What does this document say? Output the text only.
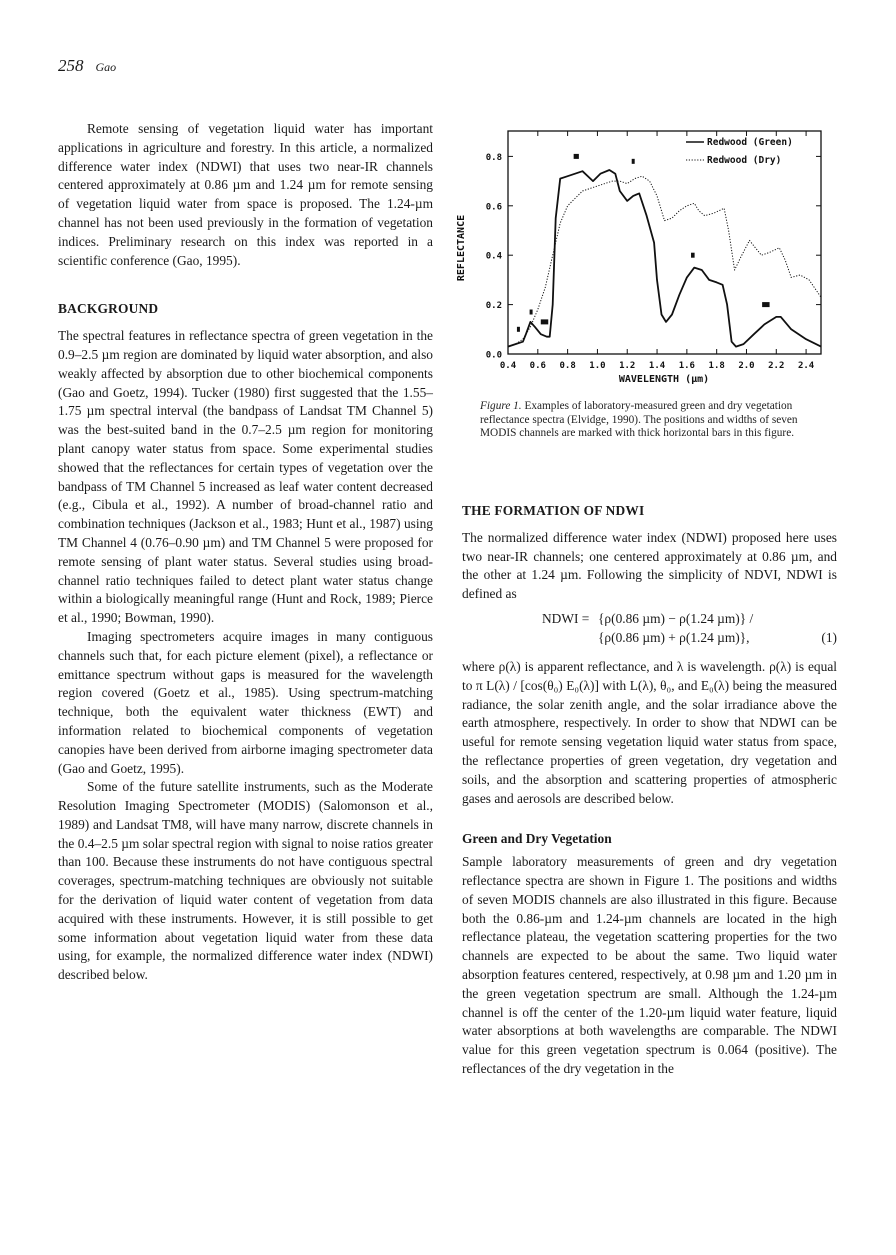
258 Gao

Remote sensing of vegetation liquid water has important applications in agriculture and forestry. In this article, a normalized difference water index (NDWI) that uses two near-IR channels centered approximately at 0.86 µm and 1.24 µm for remote sensing of vegetation liquid water from space is proposed. The 1.24-µm channel has not been used previously in the formation of vegetation indices. Preliminary research on this index was reported in a scientific conference (Gao, 1995).

BACKGROUND

The spectral features in reflectance spectra of green vegetation in the 0.9–2.5 µm region are dominated by liquid water absorption, and also weakly affected by absorption due to other biochemical components (Gao and Goetz, 1994). Tucker (1980) first suggested that the 1.55–1.75 µm spectral interval (the bandpass of Landsat TM Channel 5) was the best-suited band in the 0.7–2.5 µm region for monitoring plant canopy water status from space. Some experimental studies showed that the reflectances for certain types of vegetation over the bandpass of TM Channel 5 increased as leaf water content decreased (e.g., Cibula et al., 1992). A number of broad-channel ratio and combination techniques (Jackson et al., 1983; Hunt et al., 1987) using TM Channel 4 (0.76–0.90 µm) and TM Channel 5 were proposed for remote sensing of plant water status. Several studies using broad-channel ratio techniques failed to detect plant water status change within a biologically meaningful range (Hunt and Rock, 1989; Pierce et al., 1990; Bowman, 1990).

Imaging spectrometers acquire images in many contiguous channels such that, for each picture element (pixel), a reflectance or emittance spectrum without gaps is measured for the wavelength region covered (Goetz et al., 1985). Using spectrum-matching technique, both the equivalent water thickness (EWT) and information related to biochemical components of vegetation canopies have been derived from airborne imaging spectrometer data (Gao and Goetz, 1995).

Some of the future satellite instruments, such as the Moderate Resolution Imaging Spectrometer (MODIS) (Salomonson et al., 1989) and Landsat TM8, will have many narrow, discrete channels in the 0.4–2.5 µm solar spectral region with signal to noise ratios greater than 100. Because these instruments do not have contiguous spectral coverages, spectrum-matching techniques are obviously not suitable for the derivation of liquid water content of vegetation from data acquired with these instruments. However, it is still possible to get some information about vegetation liquid water from these data using, for example, the normalized difference water index (NDWI) described below.

0.4 0.6 0.8 1.0 1.2 1.4 1.6 1.8 2.0 2.2 2.4
0.0
0.2
0.4
0.6
0.8
Redwood (Green)
Redwood (Dry)
REFLECTANCE
WAVELENGTH (µm)
Figure 1. Examples of laboratory-measured green and dry vegetation reflectance spectra (Elvidge, 1990). The positions and widths of seven MODIS channels are marked with thick horizontal bars in this figure.
THE FORMATION OF NDWI

The normalized difference water index (NDWI) proposed here uses two near-IR channels; one centered approximately at 0.86 µm, and the other at 1.24 µm. Following the simplicity of NDVI, NDWI is defined as

NDWI = {ρ(0.86 µm) − ρ(1.24 µm)} /
{ρ(0.86 µm) + ρ(1.24 µm)},	(1)

where ρ(λ) is apparent reflectance, and λ is wavelength. ρ(λ) is equal to π L(λ) / [cos(θ₀) E₀(λ)] with L(λ), θ₀, and E₀(λ) being the measured radiance, the solar zenith angle, and the solar irradiance above the earth atmosphere, respectively. In order to show that NDWI can be useful for remote sensing vegetation liquid water status from space, the reflectance properties of green vegetation, dry vegetation and soils, and the absorption and scattering properties of atmospheric gases and aerosols are described below.

Green and Dry Vegetation

Sample laboratory measurements of green and dry vegetation reflectance spectra are shown in Figure 1. The positions and widths of seven MODIS channels are also illustrated in this figure. Because both the 0.86-µm and 1.24-µm channels are located in the high reflectance plateau, the vegetation scattering properties for the two channels are expected to be about the same. Two liquid water absorption features centered, respectively, at 0.98 µm and 1.20 µm in the green vegetation spectrum are small. Although the 1.24-µm channel is off the center of the 1.20-µm liquid water feature, liquid water absorptions at both wavelengths are comparable. The NDWI value for this green vegetation spectrum is 0.064 (positive). The reflectances of the dry vegetation in the
